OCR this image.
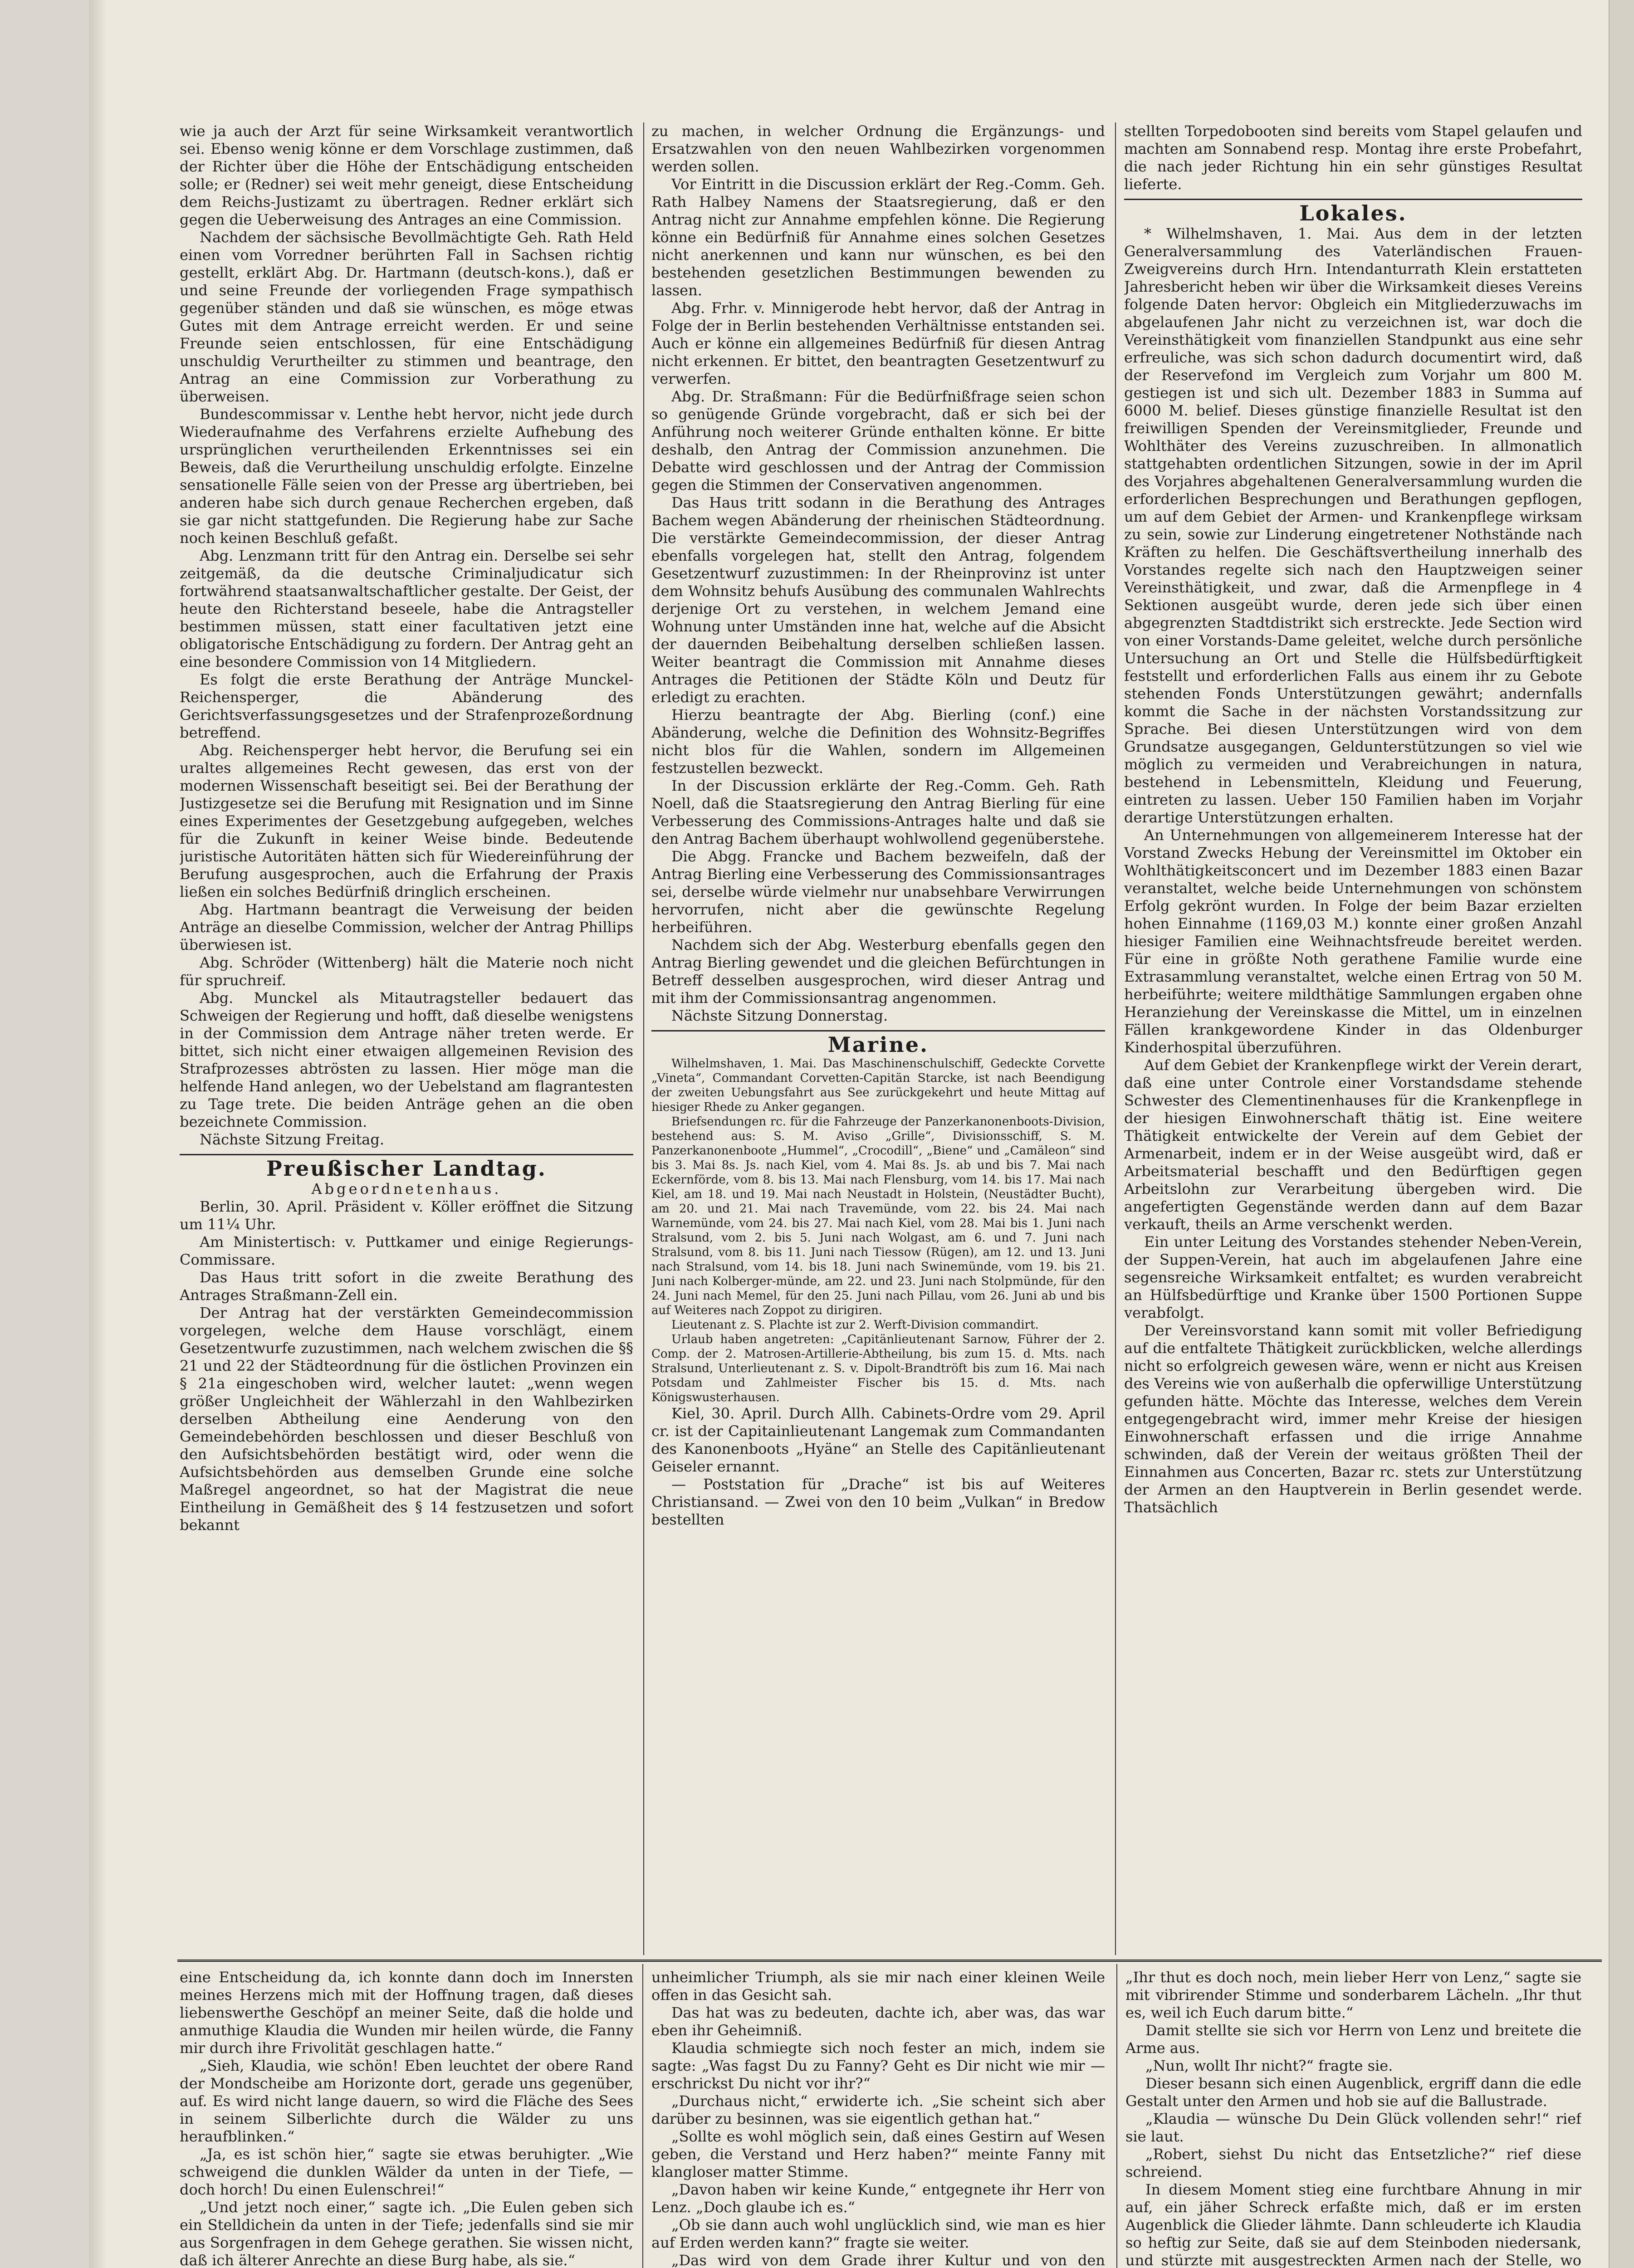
wie ja auch der Arzt für seine Wirksamkeit verantwortlich sei. Ebenso wenig könne er dem Vorschlage zustimmen, daß der Richter über die Höhe der Entschädigung entscheiden solle; er (Redner) sei weit mehr geneigt, diese Entscheidung dem Reichs-Justizamt zu übertragen. Redner erklärt sich gegen die Ueberweisung des Antrages an eine Commission.

Nachdem der sächsische Bevollmächtigte Geh. Rath Held einen vom Vorredner berührten Fall in Sachsen richtig gestellt, erklärt Abg. Dr. Hartmann (deutsch-kons.), daß er und seine Freunde der vorliegenden Frage sympathisch gegenüber ständen und daß sie wünschen, es möge etwas Gutes mit dem Antrage erreicht werden. Er und seine Freunde seien entschlossen, für eine Entschädigung unschuldig Verurtheilter zu stimmen und beantrage, den Antrag an eine Commission zur Vorberathung zu überweisen.

Bundescommissar v. Lenthe hebt hervor, nicht jede durch Wiederaufnahme des Verfahrens erzielte Aufhebung des ursprünglichen verurtheilenden Erkenntnisses sei ein Beweis, daß die Verurtheilung unschuldig erfolgte. Einzelne sensationelle Fälle seien von der Presse arg übertrieben, bei anderen habe sich durch genaue Recherchen ergeben, daß sie gar nicht stattgefunden. Die Regierung habe zur Sache noch keinen Beschluß gefaßt.

Abg. Lenzmann tritt für den Antrag ein. Derselbe sei sehr zeitgemäß, da die deutsche Criminaljudicatur sich fortwährend staatsanwaltschaftlicher gestalte. Der Geist, der heute den Richterstand beseele, habe die Antragsteller bestimmen müssen, statt einer facultativen jetzt eine obligatorische Entschädigung zu fordern. Der Antrag geht an eine besondere Commission von 14 Mitgliedern.

Es folgt die erste Berathung der Anträge Munckel-Reichensperger, die Abänderung des Gerichtsverfassungsgesetzes und der Strafenprozeßordnung betreffend.

Abg. Reichensperger hebt hervor, die Berufung sei ein uraltes allgemeines Recht gewesen, das erst von der modernen Wissenschaft beseitigt sei. Bei der Berathung der Justizgesetze sei die Berufung mit Resignation und im Sinne eines Experimentes der Gesetzgebung aufgegeben, welches für die Zukunft in keiner Weise binde. Bedeutende juristische Autoritäten hätten sich für Wiedereinführung der Berufung ausgesprochen, auch die Erfahrung der Praxis ließen ein solches Bedürfniß dringlich erscheinen.

Abg. Hartmann beantragt die Verweisung der beiden Anträge an dieselbe Commission, welcher der Antrag Phillips überwiesen ist.

Abg. Schröder (Wittenberg) hält die Materie noch nicht für spruchreif.

Abg. Munckel als Mitautragsteller bedauert das Schweigen der Regierung und hofft, daß dieselbe wenigstens in der Commission dem Antrage näher treten werde. Er bittet, sich nicht einer etwaigen allgemeinen Revision des Strafprozesses abtrösten zu lassen. Hier möge man die helfende Hand anlegen, wo der Uebelstand am flagrantesten zu Tage trete. Die beiden Anträge gehen an die oben bezeichnete Commission.

Nächste Sitzung Freitag.

Preußischer Landtag.
Abgeordnetenhaus.

Berlin, 30. April. Präsident v. Köller eröffnet die Sitzung um 11¼ Uhr.

Am Ministertisch: v. Puttkamer und einige Regierungs-Commissare.

Das Haus tritt sofort in die zweite Berathung des Antrages Straßmann-Zell ein.

Der Antrag hat der verstärkten Gemeindecommission vorgelegen, welche dem Hause vorschlägt, einem Gesetzentwurfe zuzustimmen, nach welchem zwischen die §§ 21 und 22 der Städteordnung für die östlichen Provinzen ein § 21a eingeschoben wird, welcher lautet: „wenn wegen größer Ungleichheit der Wählerzahl in den Wahlbezirken derselben Abtheilung eine Aenderung von den Gemeindebehörden beschlossen und dieser Beschluß von den Aufsichtsbehörden bestätigt wird, oder wenn die Aufsichtsbehörden aus demselben Grunde eine solche Maßregel angeordnet, so hat der Magistrat die neue Eintheilung in Gemäßheit des § 14 festzusetzen und sofort bekannt

zu machen, in welcher Ordnung die Ergänzungs- und Ersatzwahlen von den neuen Wahlbezirken vorgenommen werden sollen.

Vor Eintritt in die Discussion erklärt der Reg.-Comm. Geh. Rath Halbey Namens der Staatsregierung, daß er den Antrag nicht zur Annahme empfehlen könne. Die Regierung könne ein Bedürfniß für Annahme eines solchen Gesetzes nicht anerkennen und kann nur wünschen, es bei den bestehenden gesetzlichen Bestimmungen bewenden zu lassen.

Abg. Frhr. v. Minnigerode hebt hervor, daß der Antrag in Folge der in Berlin bestehenden Verhältnisse entstanden sei. Auch er könne ein allgemeines Bedürfniß für diesen Antrag nicht erkennen. Er bittet, den beantragten Gesetzentwurf zu verwerfen.

Abg. Dr. Straßmann: Für die Bedürfnißfrage seien schon so genügende Gründe vorgebracht, daß er sich bei der Anführung noch weiterer Gründe enthalten könne. Er bitte deshalb, den Antrag der Commission anzunehmen. Die Debatte wird geschlossen und der Antrag der Commission gegen die Stimmen der Conservativen angenommen.

Das Haus tritt sodann in die Berathung des Antrages Bachem wegen Abänderung der rheinischen Städteordnung. Die verstärkte Gemeindecommission, der dieser Antrag ebenfalls vorgelegen hat, stellt den Antrag, folgendem Gesetzentwurf zuzustimmen: In der Rheinprovinz ist unter dem Wohnsitz behufs Ausübung des communalen Wahlrechts derjenige Ort zu verstehen, in welchem Jemand eine Wohnung unter Umständen inne hat, welche auf die Absicht der dauernden Beibehaltung derselben schließen lassen. Weiter beantragt die Commission mit Annahme dieses Antrages die Petitionen der Städte Köln und Deutz für erledigt zu erachten.

Hierzu beantragte der Abg. Bierling (conf.) eine Abänderung, welche die Definition des Wohnsitz-Begriffes nicht blos für die Wahlen, sondern im Allgemeinen festzustellen bezweckt.

In der Discussion erklärte der Reg.-Comm. Geh. Rath Noell, daß die Staatsregierung den Antrag Bierling für eine Verbesserung des Commissions-Antrages halte und daß sie den Antrag Bachem überhaupt wohlwollend gegenüberstehe.

Die Abgg. Francke und Bachem bezweifeln, daß der Antrag Bierling eine Verbesserung des Commissionsantrages sei, derselbe würde vielmehr nur unabsehbare Verwirrungen hervorrufen, nicht aber die gewünschte Regelung herbeiführen.

Nachdem sich der Abg. Westerburg ebenfalls gegen den Antrag Bierling gewendet und die gleichen Befürchtungen in Betreff desselben ausgesprochen, wird dieser Antrag und mit ihm der Commissionsantrag angenommen.

Nächste Sitzung Donnerstag.

Marine.

Wilhelmshaven, 1. Mai. Das Maschinenschulschiff, Gedeckte Corvette „Vineta“, Commandant Corvetten-Capitän Starcke, ist nach Beendigung der zweiten Uebungsfahrt aus See zurückgekehrt und heute Mittag auf hiesiger Rhede zu Anker gegangen.

Briefsendungen rc. für die Fahrzeuge der Panzerkanonenboots-Division, bestehend aus: S. M. Aviso „Grille“, Divisionsschiff, S. M. Panzerkanonenboote „Hummel“, „Crocodill“, „Biene“ und „Camäleon“ sind bis 3. Mai 8s. Js. nach Kiel, vom 4. Mai 8s. Js. ab und bis 7. Mai nach Eckernförde, vom 8. bis 13. Mai nach Flensburg, vom 14. bis 17. Mai nach Kiel, am 18. und 19. Mai nach Neustadt in Holstein, (Neustädter Bucht), am 20. und 21. Mai nach Travemünde, vom 22. bis 24. Mai nach Warnemünde, vom 24. bis 27. Mai nach Kiel, vom 28. Mai bis 1. Juni nach Stralsund, vom 2. bis 5. Juni nach Wolgast, am 6. und 7. Juni nach Stralsund, vom 8. bis 11. Juni nach Tiessow (Rügen), am 12. und 13. Juni nach Stralsund, vom 14. bis 18. Juni nach Swinemünde, vom 19. bis 21. Juni nach Kolberger-münde, am 22. und 23. Juni nach Stolpmünde, für den 24. Juni nach Memel, für den 25. Juni nach Pillau, vom 26. Juni ab und bis auf Weiteres nach Zoppot zu dirigiren.

Lieutenant z. S. Plachte ist zur 2. Werft-Division commandirt.

Urlaub haben angetreten: „Capitänlieutenant Sarnow, Führer der 2. Comp. der 2. Matrosen-Artillerie-Abtheilung, bis zum 15. d. Mts. nach Stralsund, Unterlieutenant z. S. v. Dipolt-Brandtröft bis zum 16. Mai nach Potsdam und Zahlmeister Fischer bis 15. d. Mts. nach Königswusterhausen.

Kiel, 30. April. Durch Allh. Cabinets-Ordre vom 29. April cr. ist der Capitainlieutenant Langemak zum Commandanten des Kanonenboots „Hyäne“ an Stelle des Capitänlieutenant Geiseler ernannt.

— Poststation für „Drache“ ist bis auf Weiteres Christiansand. — Zwei von den 10 beim „Vulkan“ in Bredow bestellten

stellten Torpedobooten sind bereits vom Stapel gelaufen und machten am Sonnabend resp. Montag ihre erste Probefahrt, die nach jeder Richtung hin ein sehr günstiges Resultat lieferte.

Lokales.

* Wilhelmshaven, 1. Mai. Aus dem in der letzten Generalversammlung des Vaterländischen Frauen-Zweigvereins durch Hrn. Intendanturrath Klein erstatteten Jahresbericht heben wir über die Wirksamkeit dieses Vereins folgende Daten hervor: Obgleich ein Mitgliederzuwachs im abgelaufenen Jahr nicht zu verzeichnen ist, war doch die Vereinsthätigkeit vom finanziellen Standpunkt aus eine sehr erfreuliche, was sich schon dadurch documentirt wird, daß der Reservefond im Vergleich zum Vorjahr um 800 M. gestiegen ist und sich ult. Dezember 1883 in Summa auf 6000 M. belief. Dieses günstige finanzielle Resultat ist den freiwilligen Spenden der Vereinsmitglieder, Freunde und Wohlthäter des Vereins zuzuschreiben. In allmonatlich stattgehabten ordentlichen Sitzungen, sowie in der im April des Vorjahres abgehaltenen Generalversammlung wurden die erforderlichen Besprechungen und Berathungen gepflogen, um auf dem Gebiet der Armen- und Krankenpflege wirksam zu sein, sowie zur Linderung eingetretener Nothstände nach Kräften zu helfen. Die Geschäftsvertheilung innerhalb des Vorstandes regelte sich nach den Hauptzweigen seiner Vereinsthätigkeit, und zwar, daß die Armenpflege in 4 Sektionen ausgeübt wurde, deren jede sich über einen abgegrenzten Stadtdistrikt sich erstreckte. Jede Section wird von einer Vorstands-Dame geleitet, welche durch persönliche Untersuchung an Ort und Stelle die Hülfsbedürftigkeit feststellt und erforderlichen Falls aus einem ihr zu Gebote stehenden Fonds Unterstützungen gewährt; andernfalls kommt die Sache in der nächsten Vorstandssitzung zur Sprache. Bei diesen Unterstützungen wird von dem Grundsatze ausgegangen, Geldunterstützungen so viel wie möglich zu vermeiden und Verabreichungen in natura, bestehend in Lebensmitteln, Kleidung und Feuerung, eintreten zu lassen. Ueber 150 Familien haben im Vorjahr derartige Unterstützungen erhalten.

An Unternehmungen von allgemeinerem Interesse hat der Vorstand Zwecks Hebung der Vereinsmittel im Oktober ein Wohlthätigkeitsconcert und im Dezember 1883 einen Bazar veranstaltet, welche beide Unternehmungen von schönstem Erfolg gekrönt wurden. In Folge der beim Bazar erzielten hohen Einnahme (1169,03 M.) konnte einer großen Anzahl hiesiger Familien eine Weihnachtsfreude bereitet werden. Für eine in größte Noth gerathene Familie wurde eine Extrasammlung veranstaltet, welche einen Ertrag von 50 M. herbeiführte; weitere mildthätige Sammlungen ergaben ohne Heranziehung der Vereinskasse die Mittel, um in einzelnen Fällen krankgewordene Kinder in das Oldenburger Kinderhospital überzuführen.

Auf dem Gebiet der Krankenpflege wirkt der Verein derart, daß eine unter Controle einer Vorstandsdame stehende Schwester des Clementinenhauses für die Krankenpflege in der hiesigen Einwohnerschaft thätig ist. Eine weitere Thätigkeit entwickelte der Verein auf dem Gebiet der Armenarbeit, indem er in der Weise ausgeübt wird, daß er Arbeitsmaterial beschafft und den Bedürftigen gegen Arbeitslohn zur Verarbeitung übergeben wird. Die angefertigten Gegenstände werden dann auf dem Bazar verkauft, theils an Arme verschenkt werden.

Ein unter Leitung des Vorstandes stehender Neben-Verein, der Suppen-Verein, hat auch im abgelaufenen Jahre eine segensreiche Wirksamkeit entfaltet; es wurden verabreicht an Hülfsbedürftige und Kranke über 1500 Portionen Suppe verabfolgt.

Der Vereinsvorstand kann somit mit voller Befriedigung auf die entfaltete Thätigkeit zurückblicken, welche allerdings nicht so erfolgreich gewesen wäre, wenn er nicht aus Kreisen des Vereins wie von außerhalb die opferwillige Unterstützung gefunden hätte. Möchte das Interesse, welches dem Verein entgegengebracht wird, immer mehr Kreise der hiesigen Einwohnerschaft erfassen und die irrige Annahme schwinden, daß der Verein der weitaus größten Theil der Einnahmen aus Concerten, Bazar rc. stets zur Unterstützung der Armen an den Hauptverein in Berlin gesendet werde. Thatsächlich

eine Entscheidung da, ich konnte dann doch im Innersten meines Herzens mich mit der Hoffnung tragen, daß dieses liebenswerthe Geschöpf an meiner Seite, daß die holde und anmuthige Klaudia die Wunden mir heilen würde, die Fanny mir durch ihre Frivolität geschlagen hatte.“

„Sieh, Klaudia, wie schön! Eben leuchtet der obere Rand der Mondscheibe am Horizonte dort, gerade uns gegenüber, auf. Es wird nicht lange dauern, so wird die Fläche des Sees in seinem Silberlichte durch die Wälder zu uns heraufblinken.“

„Ja, es ist schön hier,“ sagte sie etwas beruhigter. „Wie schweigend die dunklen Wälder da unten in der Tiefe, — doch horch! Du einen Eulenschrei!“

„Und jetzt noch einer,“ sagte ich. „Die Eulen geben sich ein Stelldichein da unten in der Tiefe; jedenfalls sind sie mir aus Sorgenfragen in dem Gehege gerathen. Sie wissen nicht, daß ich älterer Anrechte an diese Burg habe, als sie.“

unheimlicher Triumph, als sie mir nach einer kleinen Weile offen in das Gesicht sah.

Das hat was zu bedeuten, dachte ich, aber was, das war eben ihr Geheimniß.

Klaudia schmiegte sich noch fester an mich, indem sie sagte: „Was fagst Du zu Fanny? Geht es Dir nicht wie mir — erschrickst Du nicht vor ihr?“

„Durchaus nicht,“ erwiderte ich. „Sie scheint sich aber darüber zu besinnen, was sie eigentlich gethan hat.“

„Sollte es wohl möglich sein, daß eines Gestirn auf Wesen geben, die Verstand und Herz haben?“ meinte Fanny mit klangloser matter Stimme.

„Davon haben wir keine Kunde,“ entgegnete ihr Herr von Lenz. „Doch glaube ich es.“

„Ob sie dann auch wohl unglücklich sind, wie man es hier auf Erden werden kann?“ fragte sie weiter.

„Das wird von dem Grade ihrer Kultur und von den

„Ihr thut es doch noch, mein lieber Herr von Lenz,“ sagte sie mit vibrirender Stimme und sonderbarem Lächeln. „Ihr thut es, weil ich Euch darum bitte.“

Damit stellte sie sich vor Herrn von Lenz und breitete die Arme aus.

„Nun, wollt Ihr nicht?“ fragte sie.

Dieser besann sich einen Augenblick, ergriff dann die edle Gestalt unter den Armen und hob sie auf die Ballustrade.

„Klaudia — wünsche Du Dein Glück vollenden sehr!“ rief sie laut.

„Robert, siehst Du nicht das Entsetzliche?“ rief diese schreiend.

In diesem Moment stieg eine furchtbare Ahnung in mir auf, ein jäher Schreck erfaßte mich, daß er im ersten Augenblick die Glieder lähmte. Dann schleuderte ich Klaudia so heftig zur Seite, daß sie auf dem Steinboden niedersank, und stürzte mit ausgestreckten Armen nach der Stelle, wo
